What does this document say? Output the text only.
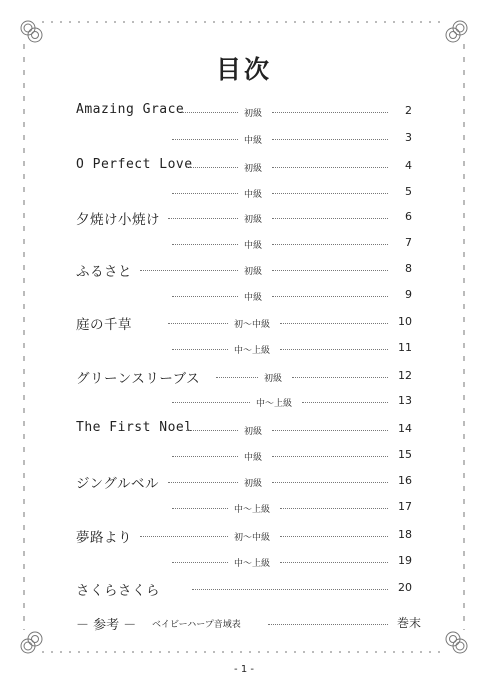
目次
Amazing Grace	初級	2
中級	3
O Perfect Love	初級	4
中級	5
夕焼け小焼け	初級	6
中級	7
ふるさと	初級	8
中級	9
庭の千草	初～中級	10
中～上級	11
グリーンスリーブス	初級	12
中～上級	13
The First Noel	初級	14
中級	15
ジングルベル	初級	16
中～上級	17
夢路より	初～中級	18
中～上級	19
さくらさくら	20
－ 参考 － ベイビーハープ音域表	巻末
- 1 -
